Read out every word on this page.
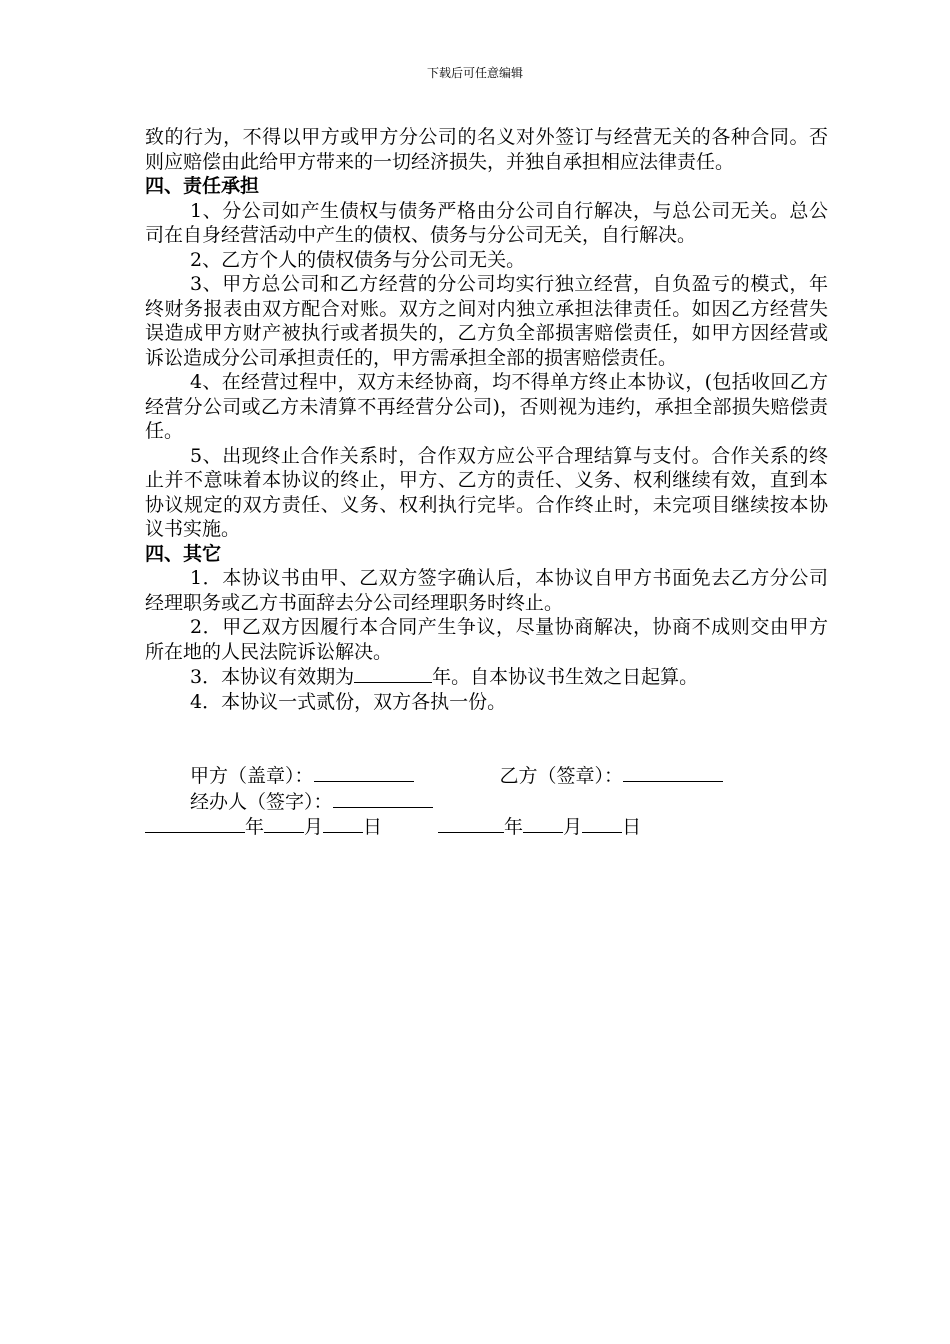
下载后可任意编辑

致的行为，不得以甲方或甲方分公司的名义对外签订与经营无关的各种合同。否则应赔偿由此给甲方带来的一切经济损失，并独自承担相应法律责任。

四、责任承担

1、分公司如产生债权与债务严格由分公司自行解决，与总公司无关。总公司在自身经营活动中产生的债权、债务与分公司无关，自行解决。

2、乙方个人的债权债务与分公司无关。

3、甲方总公司和乙方经营的分公司均实行独立经营，自负盈亏的模式，年终财务报表由双方配合对账。双方之间对内独立承担法律责任。如因乙方经营失误造成甲方财产被执行或者损失的，乙方负全部损害赔偿责任，如甲方因经营或诉讼造成分公司承担责任的，甲方需承担全部的损害赔偿责任。

4、在经营过程中，双方未经协商，均不得单方终止本协议，(包括收回乙方经营分公司或乙方未清算不再经营分公司)，否则视为违约，承担全部损失赔偿责任。

5、出现终止合作关系时，合作双方应公平合理结算与支付。合作关系的终止并不意味着本协议的终止，甲方、乙方的责任、义务、权利继续有效，直到本协议规定的双方责任、义务、权利执行完毕。合作终止时，未完项目继续按本协议书实施。

四、其它

1．本协议书由甲、乙双方签字确认后，本协议自甲方书面免去乙方分公司经理职务或乙方书面辞去分公司经理职务时终止。

2．甲乙双方因履行本合同产生争议，尽量协商解决，协商不成则交由甲方所在地的人民法院诉讼解决。

3．本协议有效期为	年。自本协议书生效之日起算。

4．本协议一式贰份，双方各执一份。

甲方（盖章）：	乙方（签章）：
经办人（签字）：
年 月 日	年 月 日
